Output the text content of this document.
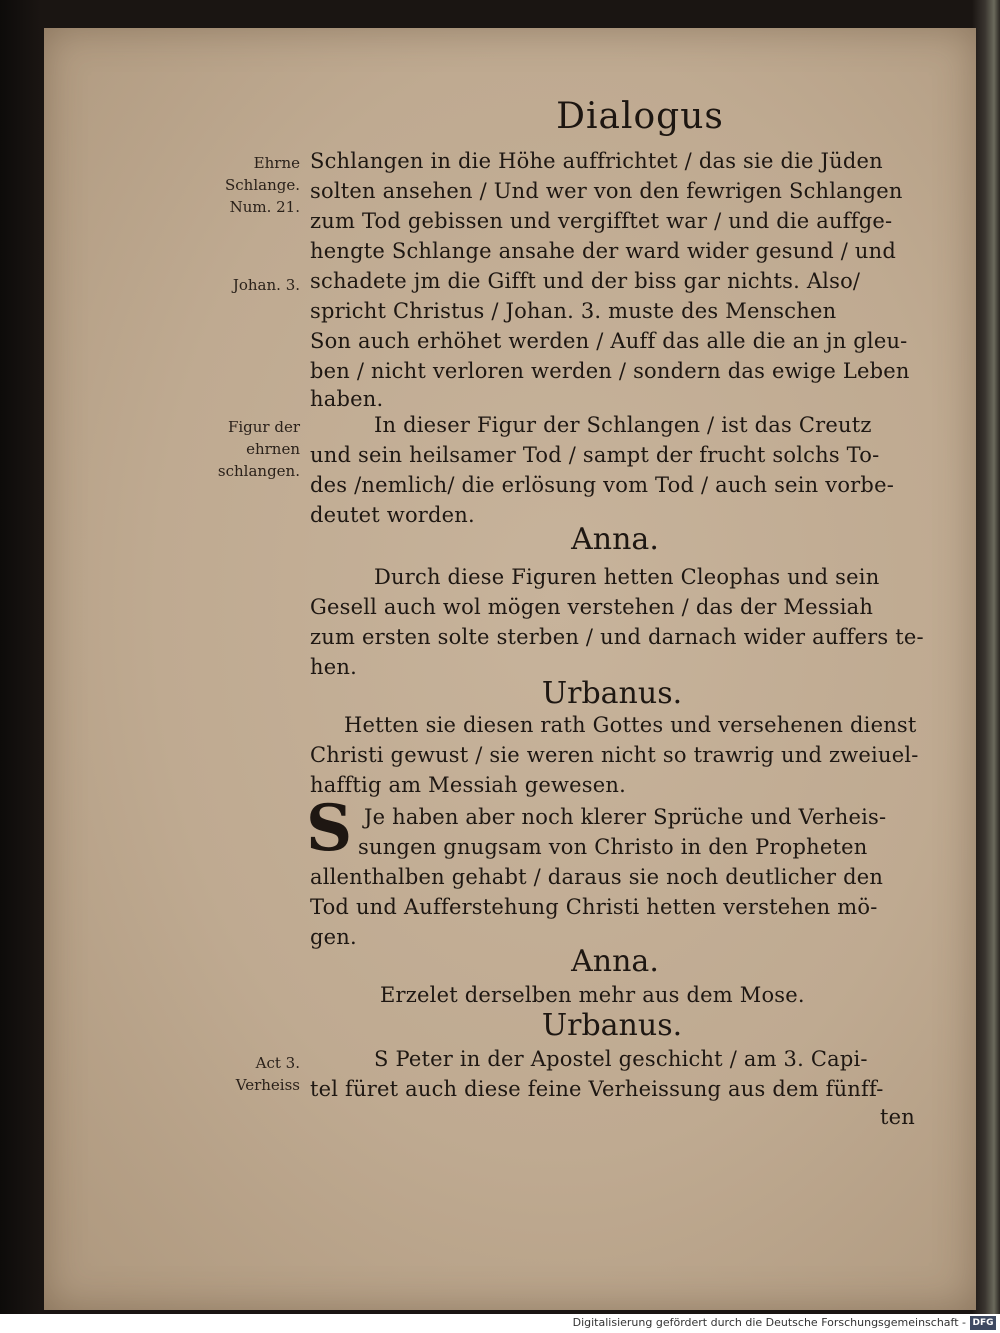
Dialogus
Ehrne
Schlange.
Num. 21.
Johan. 3.
Figur der
ehrnen
schlangen.
Act 3.
Verheiss
Schlangen in die Höhe auffrichtet / das sie die Jüden
solten ansehen / Und wer von den fewrigen Schlangen
zum Tod gebissen und vergifftet war / und die auffge-
hengte Schlange ansahe der ward wider gesund / und
schadete jm die Gifft und der biss gar nichts. Also/
spricht Christus / Johan. 3. muste des Menschen
Son auch erhöhet werden / Auff das alle die an jn gleu-
ben / nicht verloren werden / sondern das ewige Leben
haben.
In dieser Figur der Schlangen / ist das Creutz
und sein heilsamer Tod / sampt der frucht solchs To-
des /nemlich/ die erlösung vom Tod / auch sein vorbe-
deutet worden.
Anna.
Durch diese Figuren hetten Cleophas und sein
Gesell auch wol mögen verstehen / das der Messiah
zum ersten solte sterben / und darnach wider auffers te-
hen.
Urbanus.
Hetten sie diesen rath Gottes und versehenen dienst
Christi gewust / sie weren nicht so trawrig und zweiuel-
hafftig am Messiah gewesen.
S Je haben aber noch klerer Sprüche und Verheis-
sungen gnugsam von Christo in den Propheten
allenthalben gehabt / daraus sie noch deutlicher den
Tod und Aufferstehung Christi hetten verstehen mö-
gen.
Anna.
Erzelet derselben mehr aus dem Mose.
Urbanus.
S Peter in der Apostel geschicht / am 3. Capi-
tel füret auch diese feine Verheissung aus dem fünff-
ten
Digitalisierung gefördert durch die Deutsche Forschungsgemeinschaft - DFG
